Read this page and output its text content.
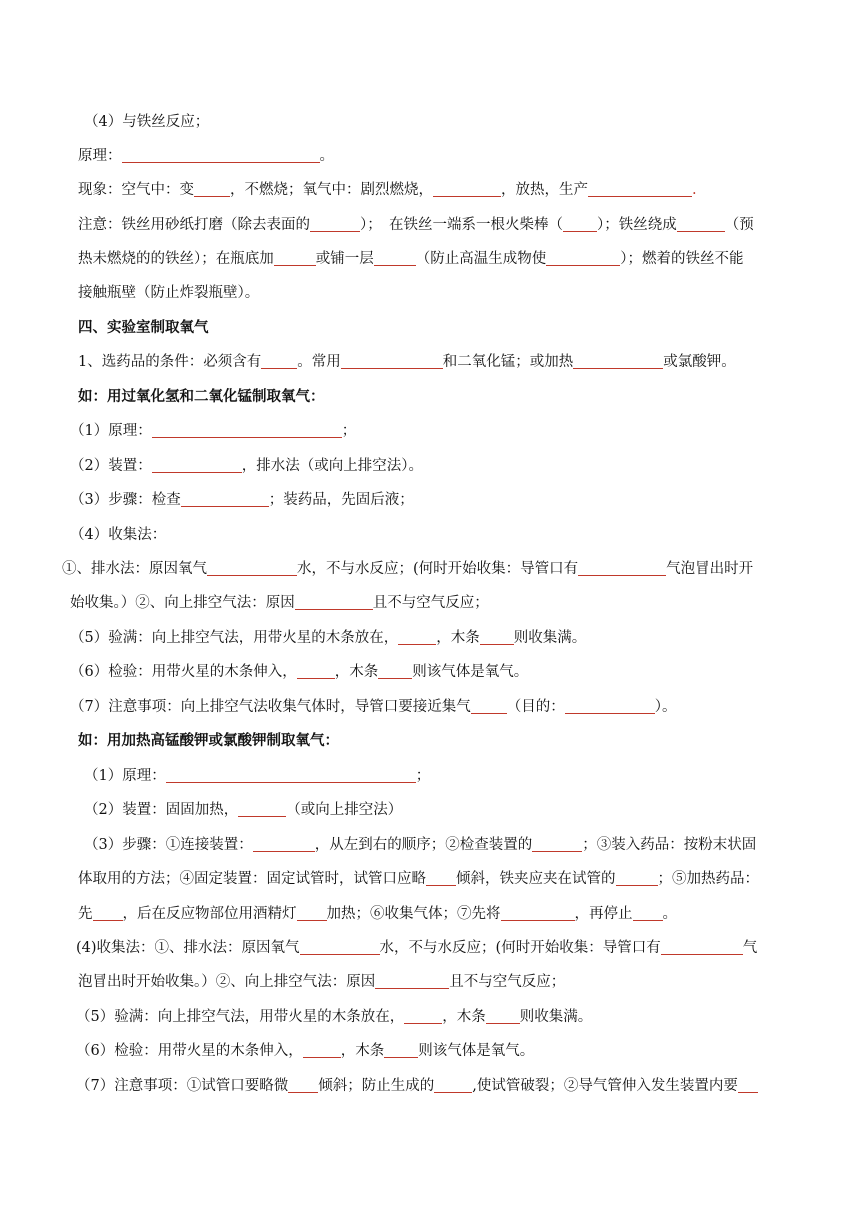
（4）与铁丝反应；
原理：	。
现象：空气中：变 ，不燃烧；氧气中：剧烈燃烧，	，放热，生产	.
注意：铁丝用砂纸打磨（除去表面的	）；　在铁丝一端系一根火柴棒（ ）；铁丝绕成	（预
热未燃烧的的铁丝）；在瓶底加	或铺一层	（防止高温生成物使	）；燃着的铁丝不能
接触瓶壁（防止炸裂瓶壁）。
四、实验室制取氧气
1、选药品的条件：必须含有 。常用	和二氧化锰；或加热	或氯酸钾。
如：用过氧化氢和二氧化锰制取氧气：
（1）原理：	；
（2）装置：	，排水法（或向上排空法）。
（3）步骤：检查	；装药品，先固后液；
（4）收集法：
①、排水法：原因氧气	水，不与水反应；(何时开始收集：导管口有	气泡冒出时开
始收集。）②、向上排空气法：原因	且不与空气反应；
（5）验满：向上排空气法，用带火星的木条放在，	，木条 则收集满。
（6）检验：用带火星的木条伸入，	，木条 则该气体是氧气。
（7）注意事项：向上排空气法收集气体时，导管口要接近集气 （目的：	）。
如：用加热高锰酸钾或氯酸钾制取氧气：
（1）原理：	；
（2）装置：固固加热，	（或向上排空法）
（3）步骤：①连接装置：	，从左到右的顺序；②检查装置的	；③装入药品：按粉末状固
体取用的方法；④固定装置：固定试管时，试管口应略 倾斜，铁夹应夹在试管的	；⑤加热药品：
先 ，后在反应物部位用酒精灯 加热；⑥收集气体；⑦先将	，再停止 。
(4)收集法：①、排水法：原因氧气	水，不与水反应；(何时开始收集：导管口有	气
泡冒出时开始收集。）②、向上排空气法：原因	且不与空气反应；
（5）验满：向上排空气法，用带火星的木条放在，	，木条 则收集满。
（6）检验：用带火星的木条伸入，	，木条 则该气体是氧气。
（7）注意事项：①试管口要略微 倾斜；防止生成的	,使试管破裂；②导气管伸入发生装置内要
